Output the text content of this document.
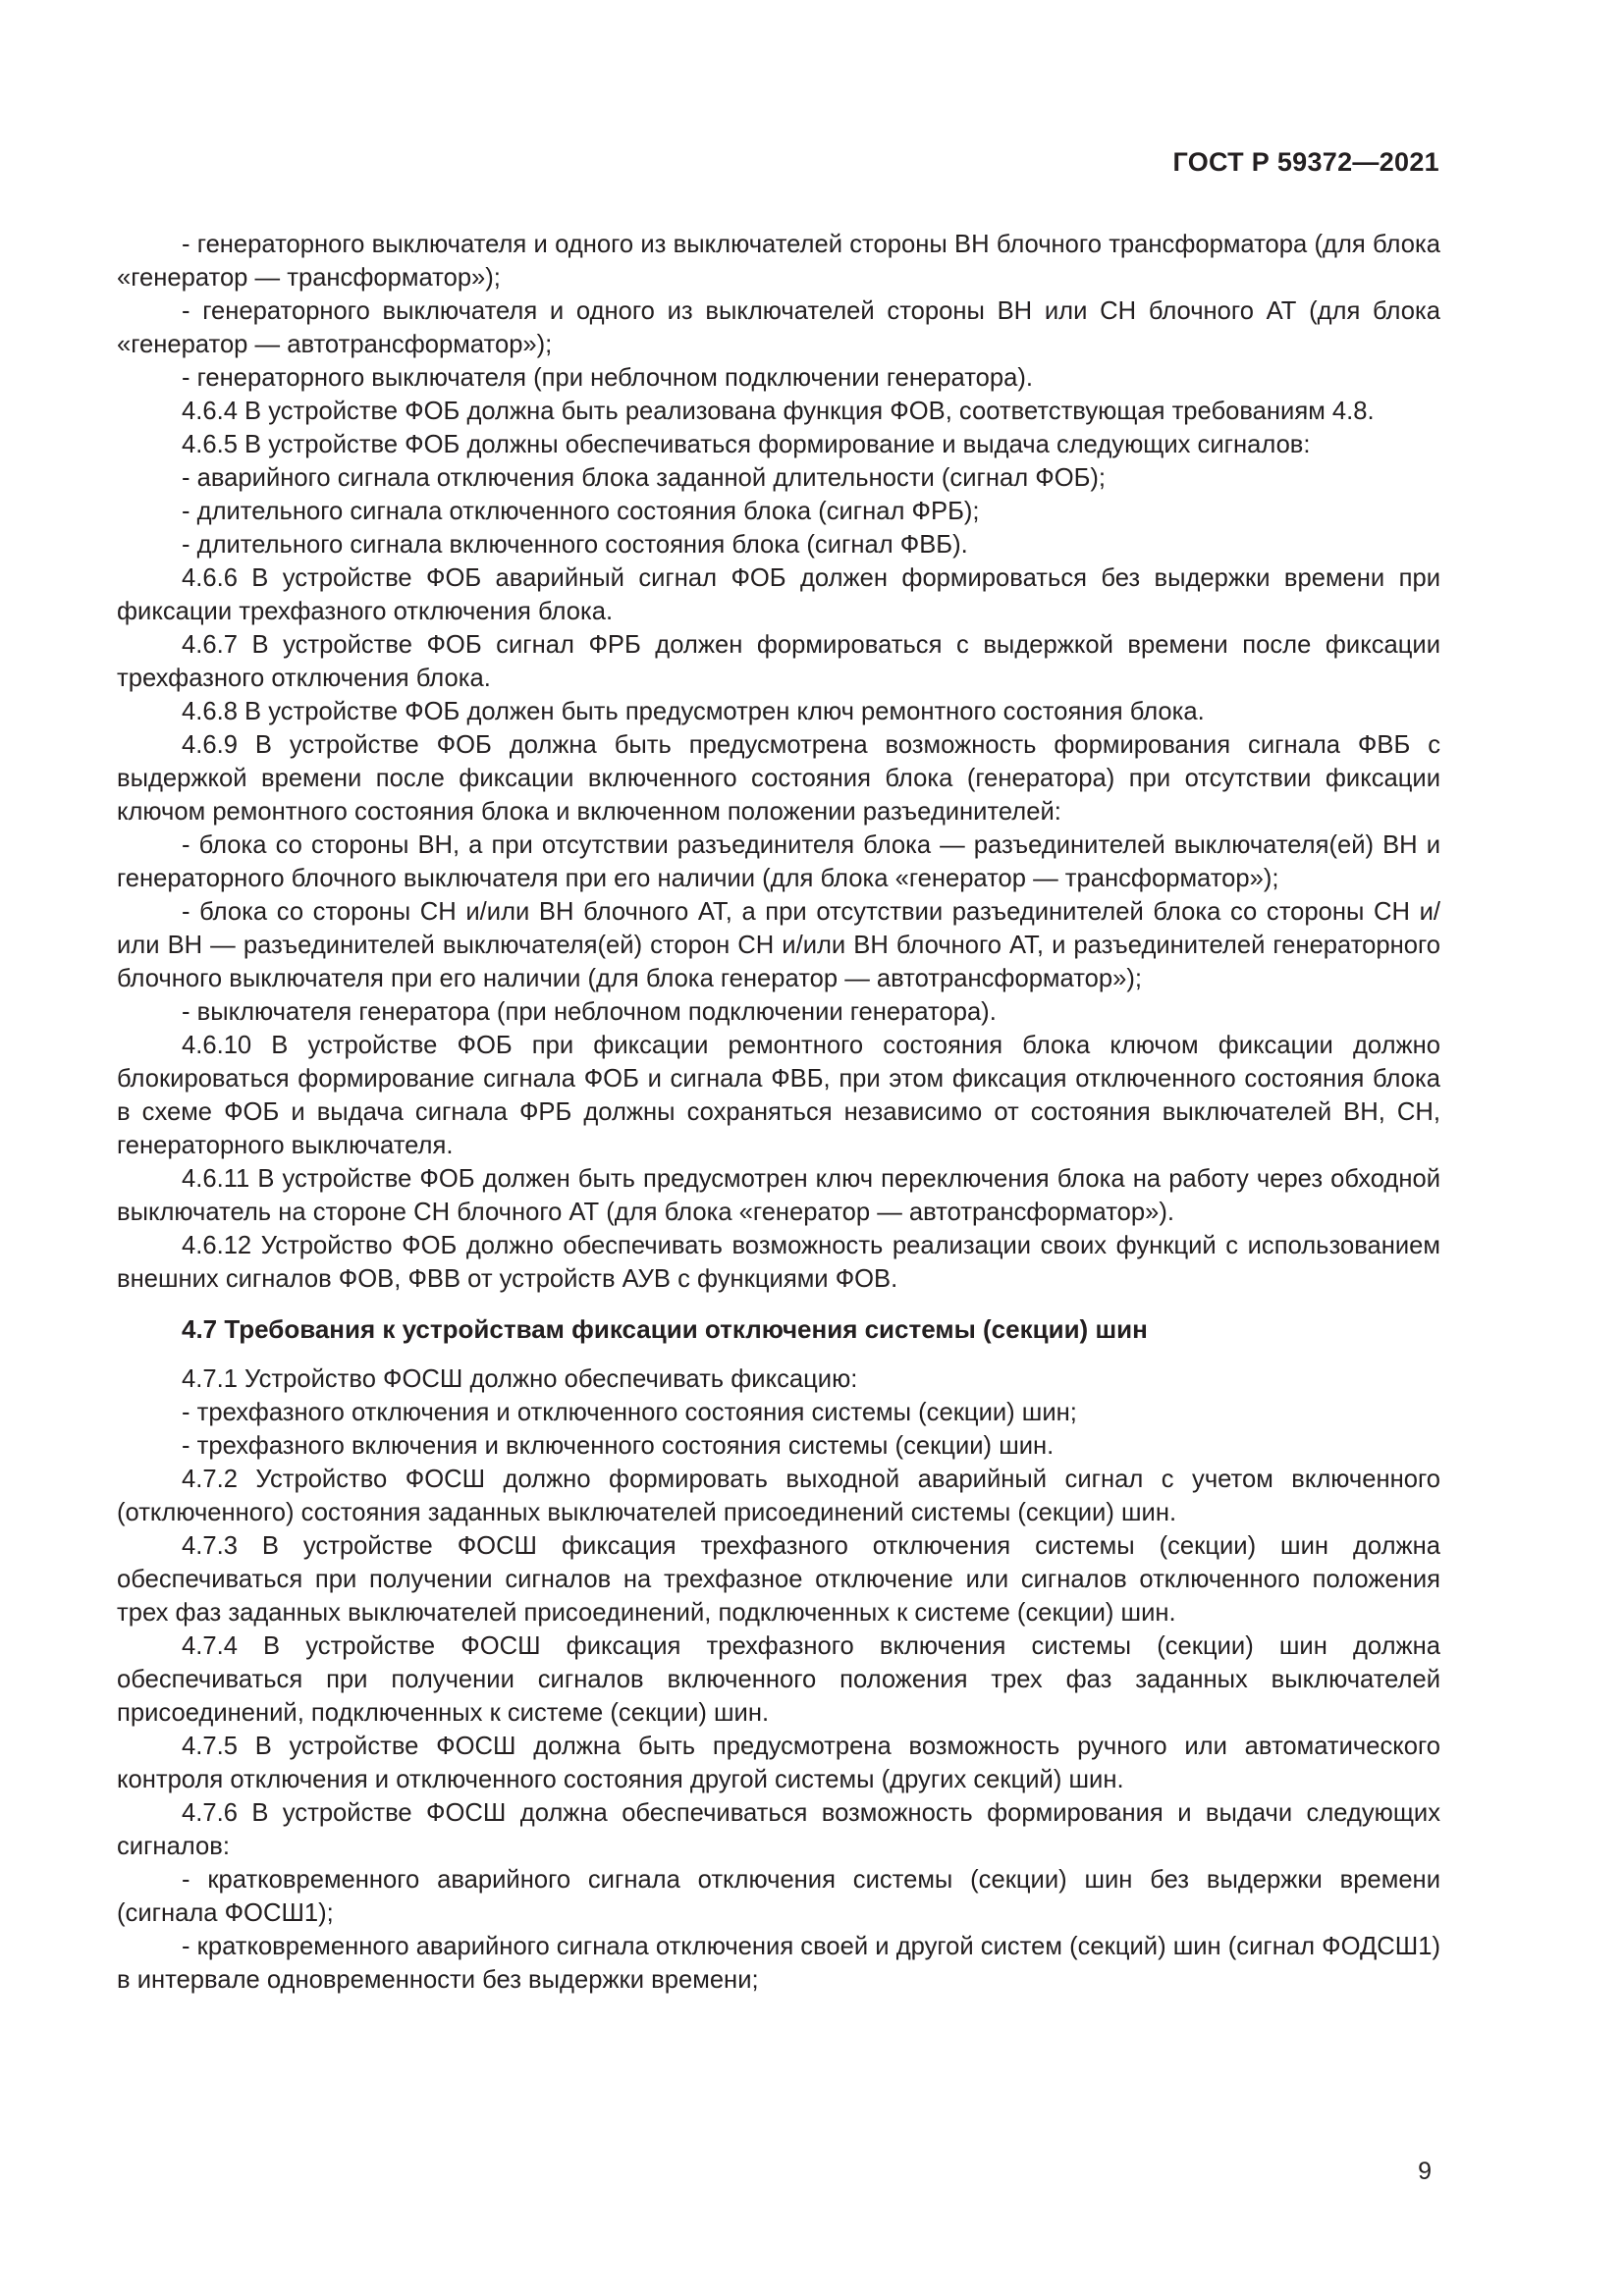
ГОСТ Р 59372—2021

- генераторного выключателя и одного из выключателей стороны ВН блочного трансформатора (для блока «генератор — трансформатор»);

- генераторного выключателя и одного из выключателей стороны ВН или СН блочного АТ (для блока «генератор — автотрансформатор»);

- генераторного выключателя (при неблочном подключении генератора).

4.6.4 В устройстве ФОБ должна быть реализована функция ФОВ, соответствующая требованиям 4.8.

4.6.5 В устройстве ФОБ должны обеспечиваться формирование и выдача следующих сигналов:

- аварийного сигнала отключения блока заданной длительности (сигнал ФОБ);

- длительного сигнала отключенного состояния блока (сигнал ФРБ);

- длительного сигнала включенного состояния блока (сигнал ФВБ).

4.6.6 В устройстве ФОБ аварийный сигнал ФОБ должен формироваться без выдержки времени при фиксации трехфазного отключения блока.

4.6.7 В устройстве ФОБ сигнал ФРБ должен формироваться с выдержкой времени после фиксации трехфазного отключения блока.

4.6.8 В устройстве ФОБ должен быть предусмотрен ключ ремонтного состояния блока.

4.6.9 В устройстве ФОБ должна быть предусмотрена возможность формирования сигнала ФВБ с выдержкой времени после фиксации включенного состояния блока (генератора) при отсутствии фиксации ключом ремонтного состояния блока и включенном положении разъединителей:

- блока со стороны ВН, а при отсутствии разъединителя блока — разъединителей выключателя(ей) ВН и генераторного блочного выключателя при его наличии (для блока «генератор — трансформатор»);

- блока со стороны СН и/или ВН блочного АТ, а при отсутствии разъединителей блока со стороны СН и/или ВН — разъединителей выключателя(ей) сторон СН и/или ВН блочного АТ, и разъединителей генераторного блочного выключателя при его наличии (для блока генератор — автотрансформатор»);

- выключателя генератора (при неблочном подключении генератора).

4.6.10 В устройстве ФОБ при фиксации ремонтного состояния блока ключом фиксации должно блокироваться формирование сигнала ФОБ и сигнала ФВБ, при этом фиксация отключенного состояния блока в схеме ФОБ и выдача сигнала ФРБ должны сохраняться независимо от состояния выключателей ВН, СН, генераторного выключателя.

4.6.11 В устройстве ФОБ должен быть предусмотрен ключ переключения блока на работу через обходной выключатель на стороне СН блочного АТ (для блока «генератор — автотрансформатор»).

4.6.12 Устройство ФОБ должно обеспечивать возможность реализации своих функций с использованием внешних сигналов ФОВ, ФВВ от устройств АУВ с функциями ФОВ.

4.7 Требования к устройствам фиксации отключения системы (секции) шин

4.7.1 Устройство ФОСШ должно обеспечивать фиксацию:

- трехфазного отключения и отключенного состояния системы (секции) шин;

- трехфазного включения и включенного состояния системы (секции) шин.

4.7.2 Устройство ФОСШ должно формировать выходной аварийный сигнал с учетом включенного (отключенного) состояния заданных выключателей присоединений системы (секции) шин.

4.7.3 В устройстве ФОСШ фиксация трехфазного отключения системы (секции) шин должна обеспечиваться при получении сигналов на трехфазное отключение или сигналов отключенного положения трех фаз заданных выключателей присоединений, подключенных к системе (секции) шин.

4.7.4 В устройстве ФОСШ фиксация трехфазного включения системы (секции) шин должна обеспечиваться при получении сигналов включенного положения трех фаз заданных выключателей присоединений, подключенных к системе (секции) шин.

4.7.5 В устройстве ФОСШ должна быть предусмотрена возможность ручного или автоматического контроля отключения и отключенного состояния другой системы (других секций) шин.

4.7.6 В устройстве ФОСШ должна обеспечиваться возможность формирования и выдачи следующих сигналов:

- кратковременного аварийного сигнала отключения системы (секции) шин без выдержки времени (сигнала ФОСШ1);

- кратковременного аварийного сигнала отключения своей и другой систем (секций) шин (сигнал ФОДСШ1) в интервале одновременности без выдержки времени;

9
